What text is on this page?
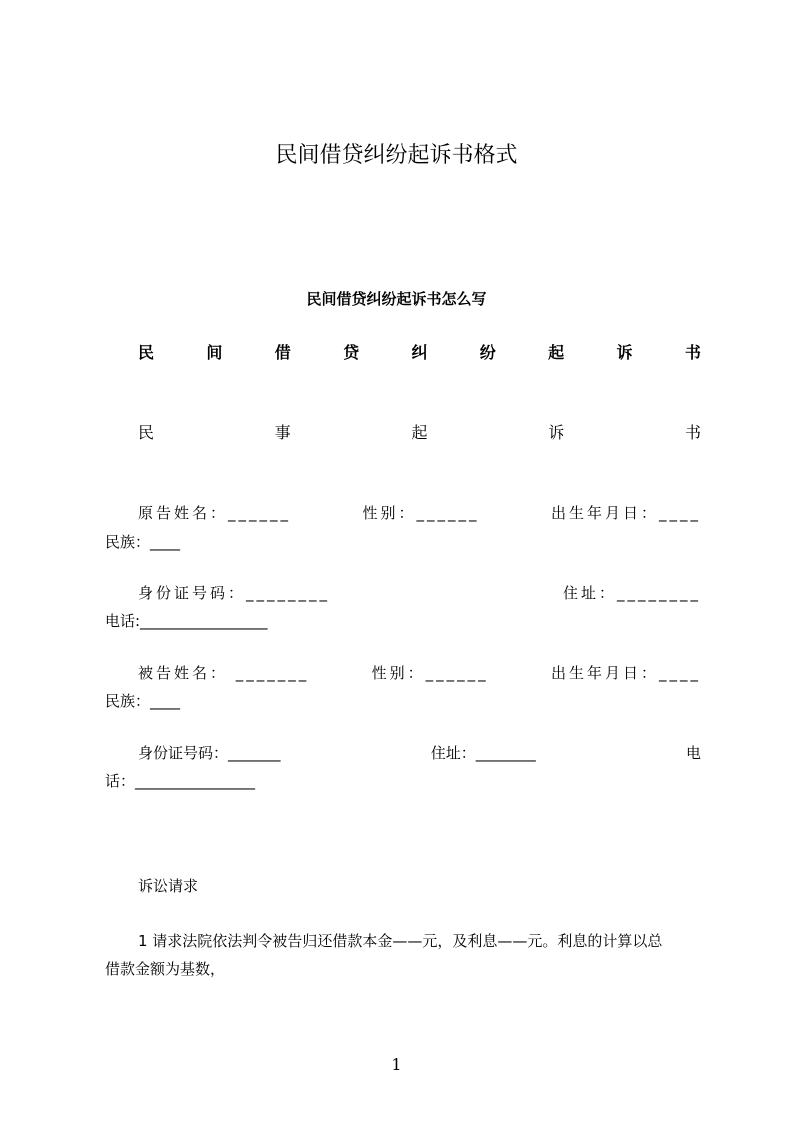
民间借贷纠纷起诉书格式
民间借贷纠纷起诉书怎么写
民	间	借	贷	纠	纷	起	诉	书
民	事	起	诉	书
原告姓名：______	性别：______	出生年月日：____
民族：____
身份证号码：________	住址：________
电话:_________________
被告姓名： _______	性别：______	出生年月日：____
民族：____
身份证号码：_______	住址：________	电
话：________________
诉讼请求
1 请求法院依法判令被告归还借款本金——元，及利息——元。利息的计算以总
借款金额为基数，
1
